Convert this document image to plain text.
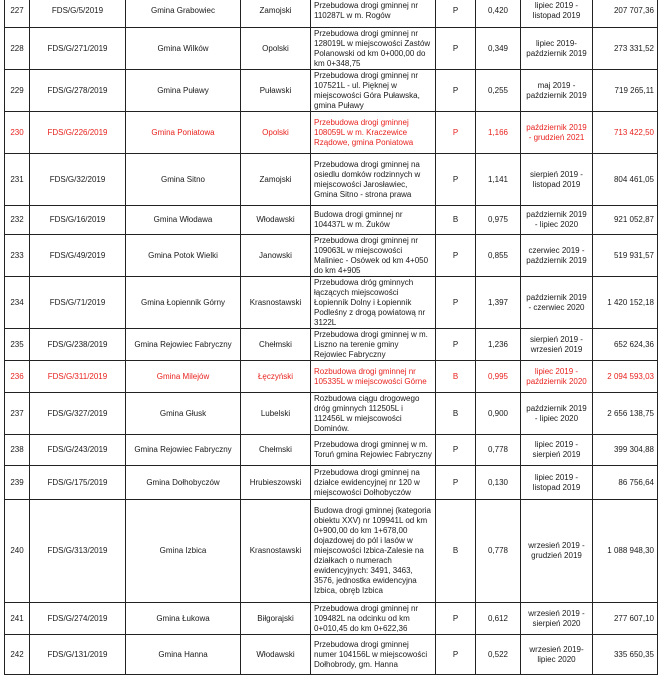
227	FDS/G/5/2019	Gmina Grabowiec	Zamojski	Przebudowa drogi gminnej nr 110287L w m. Rogów	P	0,420	lipiec 2019 - listopad 2019	207 707,36
228	FDS/G/271/2019	Gmina Wilków	Opolski	Przebudowa drogi gminnej nr 128019L w miejscowości Zastów Polanowski od km 0+000,00 do km 0+348,75	P	0,349	lipiec 2019- październik 2019	273 331,52
229	FDS/G/278/2019	Gmina Puławy	Puławski	Przebudowa drogi gminnej nr 107521L - ul. Pięknej w miejscowości Góra Puławska, gmina Puławy	P	0,255	maj 2019 - październik 2019	719 265,11
230	FDS/G/226/2019	Gmina Poniatowa	Opolski	Przebudowa drogi gminnej 108059L w m. Kraczewice Rządowe, gmina Poniatowa	P	1,166	październik 2019 - grudzień 2021	713 422,50
231	FDS/G/32/2019	Gmina Sitno	Zamojski	Przebudowa drogi gminnej na osiedlu domków rodzinnych w miejscowości Jarosławiec, Gmina Sitno - strona prawa	P	1,141	sierpień 2019 - listopad 2019	804 461,05
232	FDS/G/16/2019	Gmina Włodawa	Włodawski	Budowa drogi gminnej nr 104437L w m. Żuków	B	0,975	październik 2019 - lipiec 2020	921 052,87
233	FDS/G/49/2019	Gmina Potok Wielki	Janowski	Przebudowa drogi gminnej nr 109063L w miejscowości Maliniec - Osówek od km 4+050 do km 4+905	P	0,855	czerwiec 2019 - październik 2019	519 931,57
234	FDS/G/71/2019	Gmina Łopiennik Górny	Krasnostawski	Przebudowa dróg gminnych łączących miejscowości Łopiennik Dolny i Łopiennik Podleśny z drogą powiatową nr 3122L	P	1,397	październik 2019 - czerwiec 2020	1 420 152,18
235	FDS/G/238/2019	Gmina Rejowiec Fabryczny	Chełmski	Przebudowa drogi gminnej w m. Liszno na terenie gminy Rejowiec Fabryczny	P	1,236	sierpień 2019 - wrzesień 2019	652 624,36
236	FDS/G/311/2019	Gmina Milejów	Łęczyński	Rozbudowa drogi gminnej nr 105335L w miejscowości Górne	B	0,995	lipiec 2019 - październik 2020	2 094 593,03
237	FDS/G/327/2019	Gmina Głusk	Lubelski	Rozbudowa ciągu drogowego dróg gminnych 112505L i 112456L w miejscowości Dominów.	B	0,900	październik 2019 - lipiec 2020	2 656 138,75
238	FDS/G/243/2019	Gmina Rejowiec Fabryczny	Chełmski	Przebudowa drogi gminnej w m. Toruń gmina Rejowiec Fabryczny	P	0,778	lipiec 2019 - sierpień 2019	399 304,88
239	FDS/G/175/2019	Gmina Dołhobyczów	Hrubieszowski	Przebudowa drogi gminnej na działce ewidencyjnej nr 120 w miejscowości Dołhobyczów	P	0,130	lipiec 2019 - listopad 2019	86 756,64
240	FDS/G/313/2019	Gmina Izbica	Krasnostawski	Budowa drogi gminnej (kategoria obiektu XXV) nr 109941L od km 0+900,00 do km 1+678,00 dojazdowej do pól i lasów w miejscowości Izbica-Zalesie na działkach o numerach ewidencyjnych: 3491, 3463, 3576, jednostka ewidencyjna Izbica, obręb Izbica	B	0,778	wrzesień 2019 - grudzień 2019	1 088 948,30
241	FDS/G/274/2019	Gmina Łukowa	Biłgorajski	Przebudowa drogi gminnej nr 109482L na odcinku od km 0+010,45 do km 0+622,36	P	0,612	wrzesień 2019 - sierpień 2020	277 607,10
242	FDS/G/131/2019	Gmina Hanna	Włodawski	Przebudowa drogi gminnej numer 104156L w miejscowości Dołhobrody, gm. Hanna	P	0,522	wrzesień 2019- lipiec 2020	335 650,35
